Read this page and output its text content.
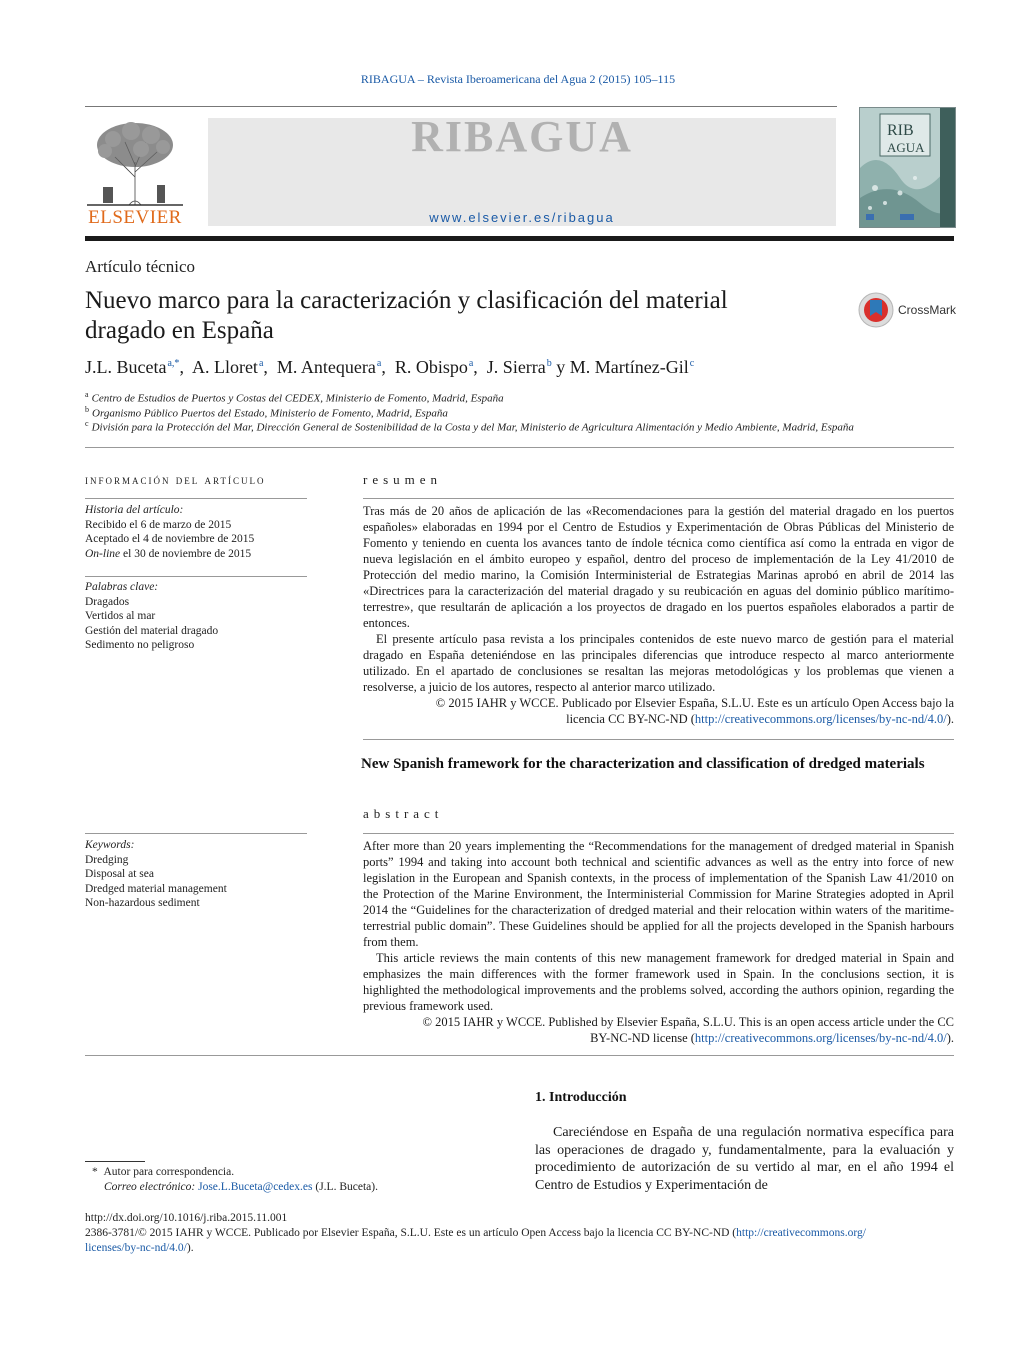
RIBAGUA – Revista Iberoamericana del Agua 2 (2015) 105–115
ELSEVIER
RIBAGUA
www.elsevier.es/ribagua
RIB
AGUA
Artículo técnico
Nuevo marco para la caracterización y clasificación del material dragado en España
CrossMark
J.L. Buceta$^{a,*}$, A. Lloret$^a$, M. Antequera$^a$, R. Obispo$^a$, J. Sierra$^b$ y M. Martínez-Gil$^c$
$^a$ Centro de Estudios de Puertos y Costas del CEDEX, Ministerio de Fomento, Madrid, España
$^b$ Organismo Público Puertos del Estado, Ministerio de Fomento, Madrid, España
$^c$ División para la Protección del Mar, Dirección General de Sostenibilidad de la Costa y del Mar, Ministerio de Agricultura Alimentación y Medio Ambiente, Madrid, España
información del artículo
Historia del artículo:
Recibido el 6 de marzo de 2015
Aceptado el 4 de noviembre de 2015
On-line el 30 de noviembre de 2015
Palabras clave:
Dragados
Vertidos al mar
Gestión del material dragado
Sedimento no peligroso
Keywords:
Dredging
Disposal at sea
Dredged material management
Non-hazardous sediment
resumen

Tras más de 20 años de aplicación de las «Recomendaciones para la gestión del material dragado en los puertos españoles» elaboradas en 1994 por el Centro de Estudios y Experimentación de Obras Públicas del Ministerio de Fomento y teniendo en cuenta los avances tanto de índole técnica como científica así como la entrada en vigor de nueva legislación en el ámbito europeo y español, dentro del proceso de implementación de la Ley 41/2010 de Protección del medio marino, la Comisión Interministerial de Estrategias Marinas aprobó en abril de 2014 las «Directrices para la caracterización del material dragado y su reubicación en aguas del dominio público marítimo-terrestre», que resultarán de aplicación a los proyectos de dragado en los puertos españoles elaborados a partir de entonces.

El presente artículo pasa revista a los principales contenidos de este nuevo marco de gestión para el material dragado en España deteniéndose en las principales diferencias que introduce respecto al marco anteriormente utilizado. En el apartado de conclusiones se resaltan las mejoras metodológicas y los problemas que vienen a resolverse, a juicio de los autores, respecto al anterior marco utilizado.

© 2015 IAHR y WCCE. Publicado por Elsevier España, S.L.U. Este es un artículo Open Access bajo la

licencia CC BY-NC-ND (http://creativecommons.org/licenses/by-nc-nd/4.0/).

New Spanish framework for the characterization and classification of dredged materials
abstract

After more than 20 years implementing the “Recommendations for the management of dredged material in Spanish ports” 1994 and taking into account both technical and scientific advances as well as the entry into force of new legislation in the European and Spanish contexts, in the process of implementation of the Spanish Law 41/2010 on the Protection of the Marine Environment, the Interministerial Commission for Marine Strategies adopted in April 2014 the “Guidelines for the characterization of dredged material and their relocation within waters of the maritime-terrestrial public domain”. These Guidelines should be applied for all the projects developed in the Spanish harbours from them.

This article reviews the main contents of this new management framework for dredged material in Spain and emphasizes the main differences with the former framework used in Spain. In the conclusions section, it is highlighted the methodological improvements and the problems solved, according the authors opinion, regarding the previous framework used.

© 2015 IAHR y WCCE. Published by Elsevier España, S.L.U. This is an open access article under the CC

BY-NC-ND license (http://creativecommons.org/licenses/by-nc-nd/4.0/).

1. Introducción

Careciéndose en España de una regulación normativa específica para las operaciones de dragado y, fundamentalmente, para la evaluación y procedimiento de autorización de su vertido al mar, en el año 1994 el Centro de Estudios y Experimentación de

* Autor para correspondencia.
Correo electrónico: Jose.L.Buceta@cedex.es (J.L. Buceta).
http://dx.doi.org/10.1016/j.riba.2015.11.001
2386-3781/© 2015 IAHR y WCCE. Publicado por Elsevier España, S.L.U. Este es un artículo Open Access bajo la licencia CC BY-NC-ND (http://creativecommons.org/
licenses/by-nc-nd/4.0/).
